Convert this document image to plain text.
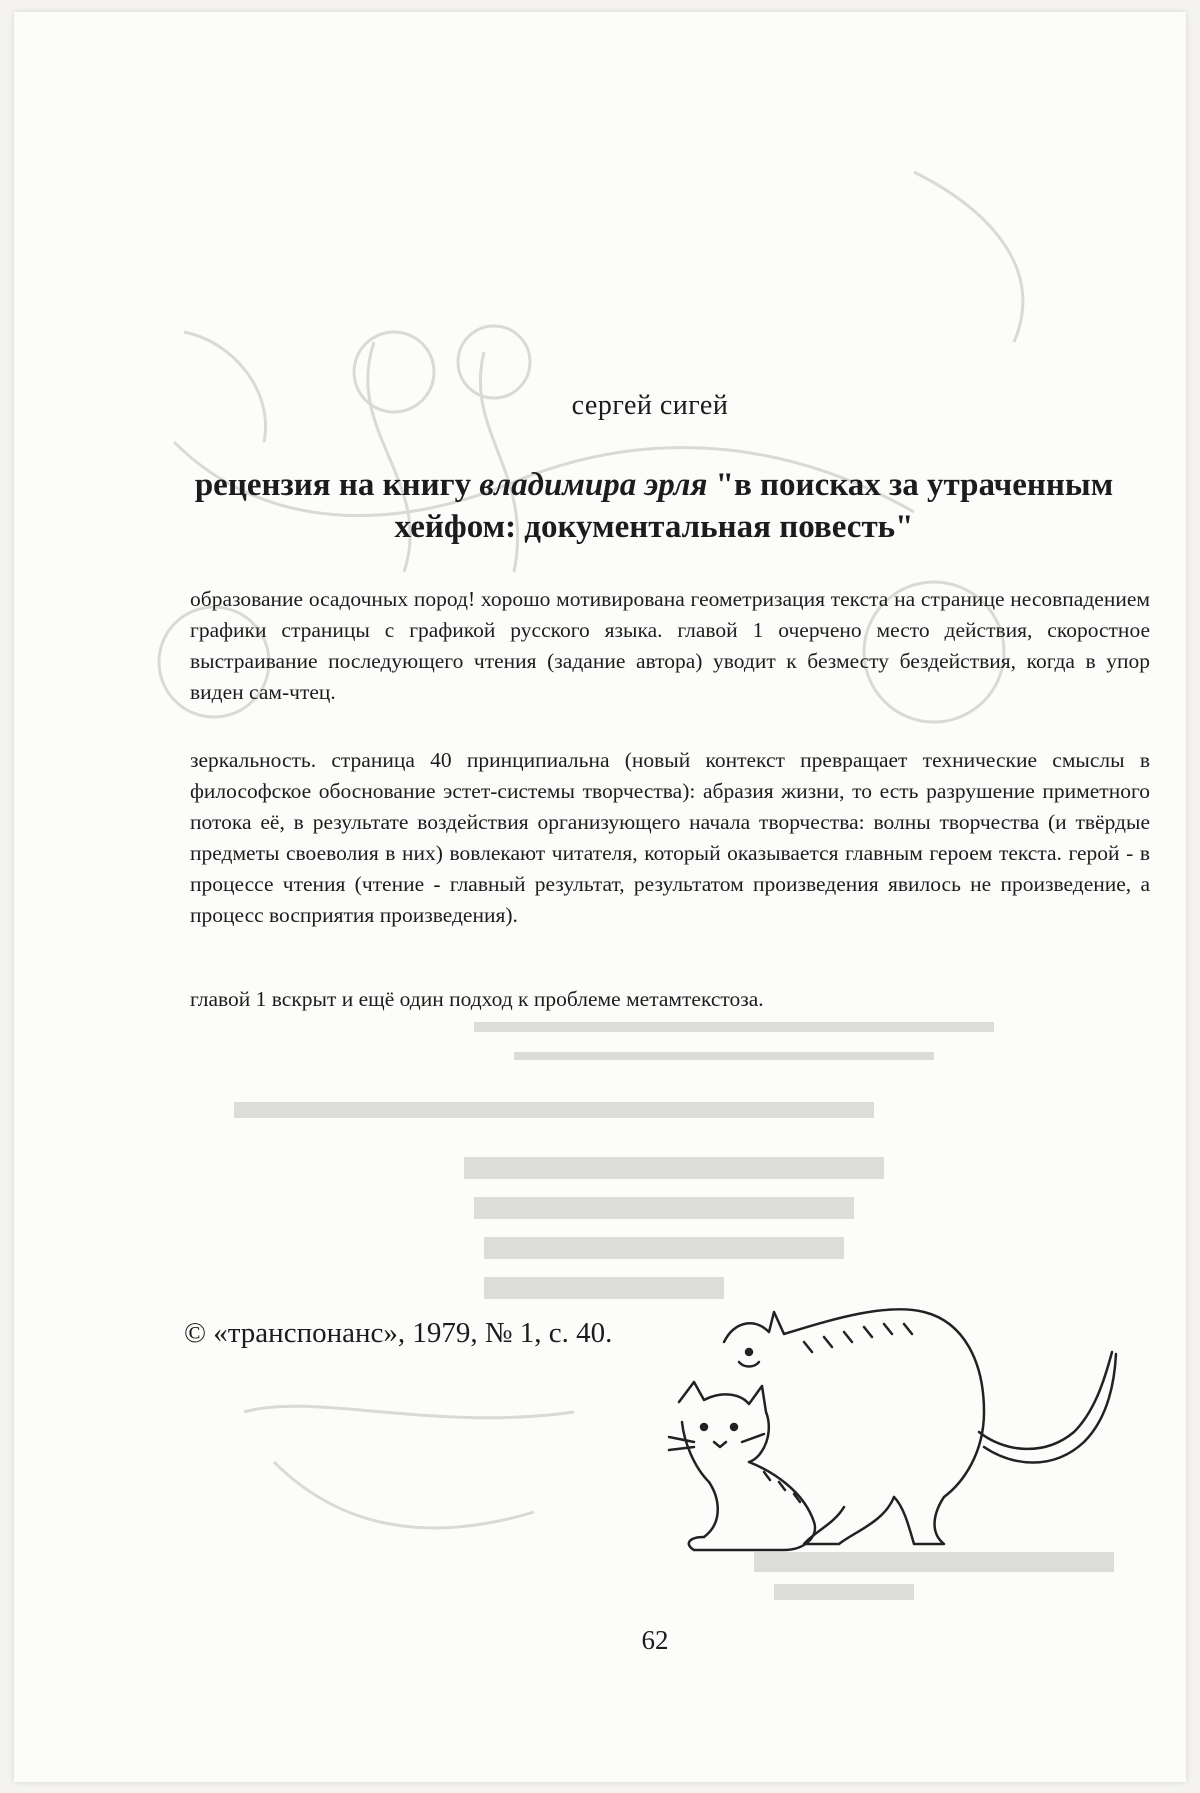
сергей сигей
рецензия на книгу владимира эрля "в поисках за утраченным хейфом: документальная повесть"
образование осадочных пород! хорошо мотивирована геометризация текста на странице несовпадением графики страницы с графикой русского языка. главой 1 очерчено место действия, скоростное выстраивание последующего чтения (задание автора) уводит к безместу бездействия, когда в упор виден сам-чтец.
зеркальность. страница 40 принципиальна (новый контекст превращает технические смыслы в философское обоснование эстет-системы творчества): абразия жизни, то есть разрушение приметного потока её, в результате воздействия организующего начала творчества: волны творчества (и твёрдые предметы своеволия в них) вовлекают читателя, который оказывается главным героем текста. герой - в процессе чтения (чтение - главный результат, результатом произведения явилось не произведение, а процесс восприятия произведения).
главой 1 вскрыт и ещё один подход к проблеме метамтекстоза.
© «транспонанс», 1979, № 1, с. 40.
62
